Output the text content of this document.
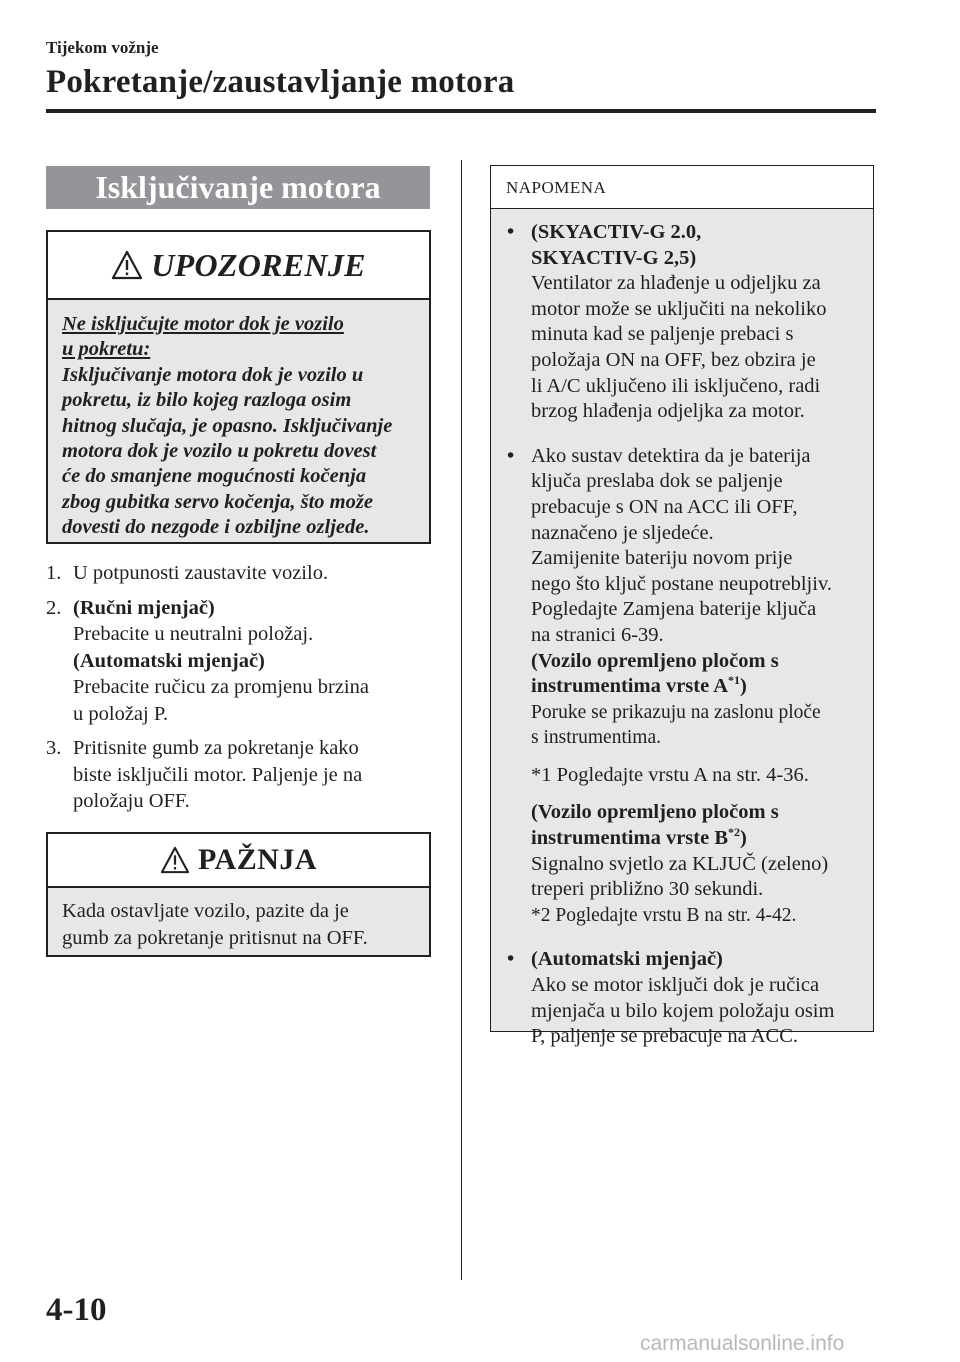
Tijekom vožnje
Pokretanje/zaustavljanje motora
Isključivanje motora
UPOZORENJE
Ne isključujte motor dok je vozilo
u pokretu:
Isključivanje motora dok je vozilo u
pokretu, iz bilo kojeg razloga osim
hitnog slučaja, je opasno. Isključivanje
motora dok je vozilo u pokretu dovest
će do smanjene mogućnosti kočenja
zbog gubitka servo kočenja, što može
dovesti do nezgode i ozbiljne ozljede.
1. U potpunosti zaustavite vozilo.
2. (Ručni mjenjač)
Prebacite u neutralni položaj.
(Automatski mjenjač)
Prebacite ručicu za promjenu brzina
u položaj P.
3. Pritisnite gumb za pokretanje kako
biste isključili motor. Paljenje je na
položaju OFF.
PAŽNJA
Kada ostavljate vozilo, pazite da je
gumb za pokretanje pritisnut na OFF.
NAPOMENA
• (SKYACTIV-G 2.0,
SKYACTIV-G 2,5)
Ventilator za hlađenje u odjeljku za
motor može se uključiti na nekoliko
minuta kad se paljenje prebaci s
položaja ON na OFF, bez obzira je
li A/C uključeno ili isključeno, radi
brzog hlađenja odjeljka za motor.
• Ako sustav detektira da je baterija
ključa preslaba dok se paljenje
prebacuje s ON na ACC ili OFF,
naznačeno je sljedeće.
Zamijenite bateriju novom prije
nego što ključ postane neupotrebljiv.
Pogledajte Zamjena baterije ključa
na stranici 6-39.
(Vozilo opremljeno pločom s
instrumentima vrste $A^{*1}$)
Poruke se prikazuju na zaslonu ploče
s instrumentima.
*1 Pogledajte vrstu A na str. 4-36.
(Vozilo opremljeno pločom s
instrumentima vrste $B^{*2}$)
Signalno svjetlo za KLJUČ (zeleno)
treperi približno 30 sekundi.
*2 Pogledajte vrstu B na str. 4-42.
• (Automatski mjenjač)
Ako se motor isključi dok je ručica
mjenjača u bilo kojem položaju osim
P, paljenje se prebacuje na ACC.
4-10
carmanualsonline.info
